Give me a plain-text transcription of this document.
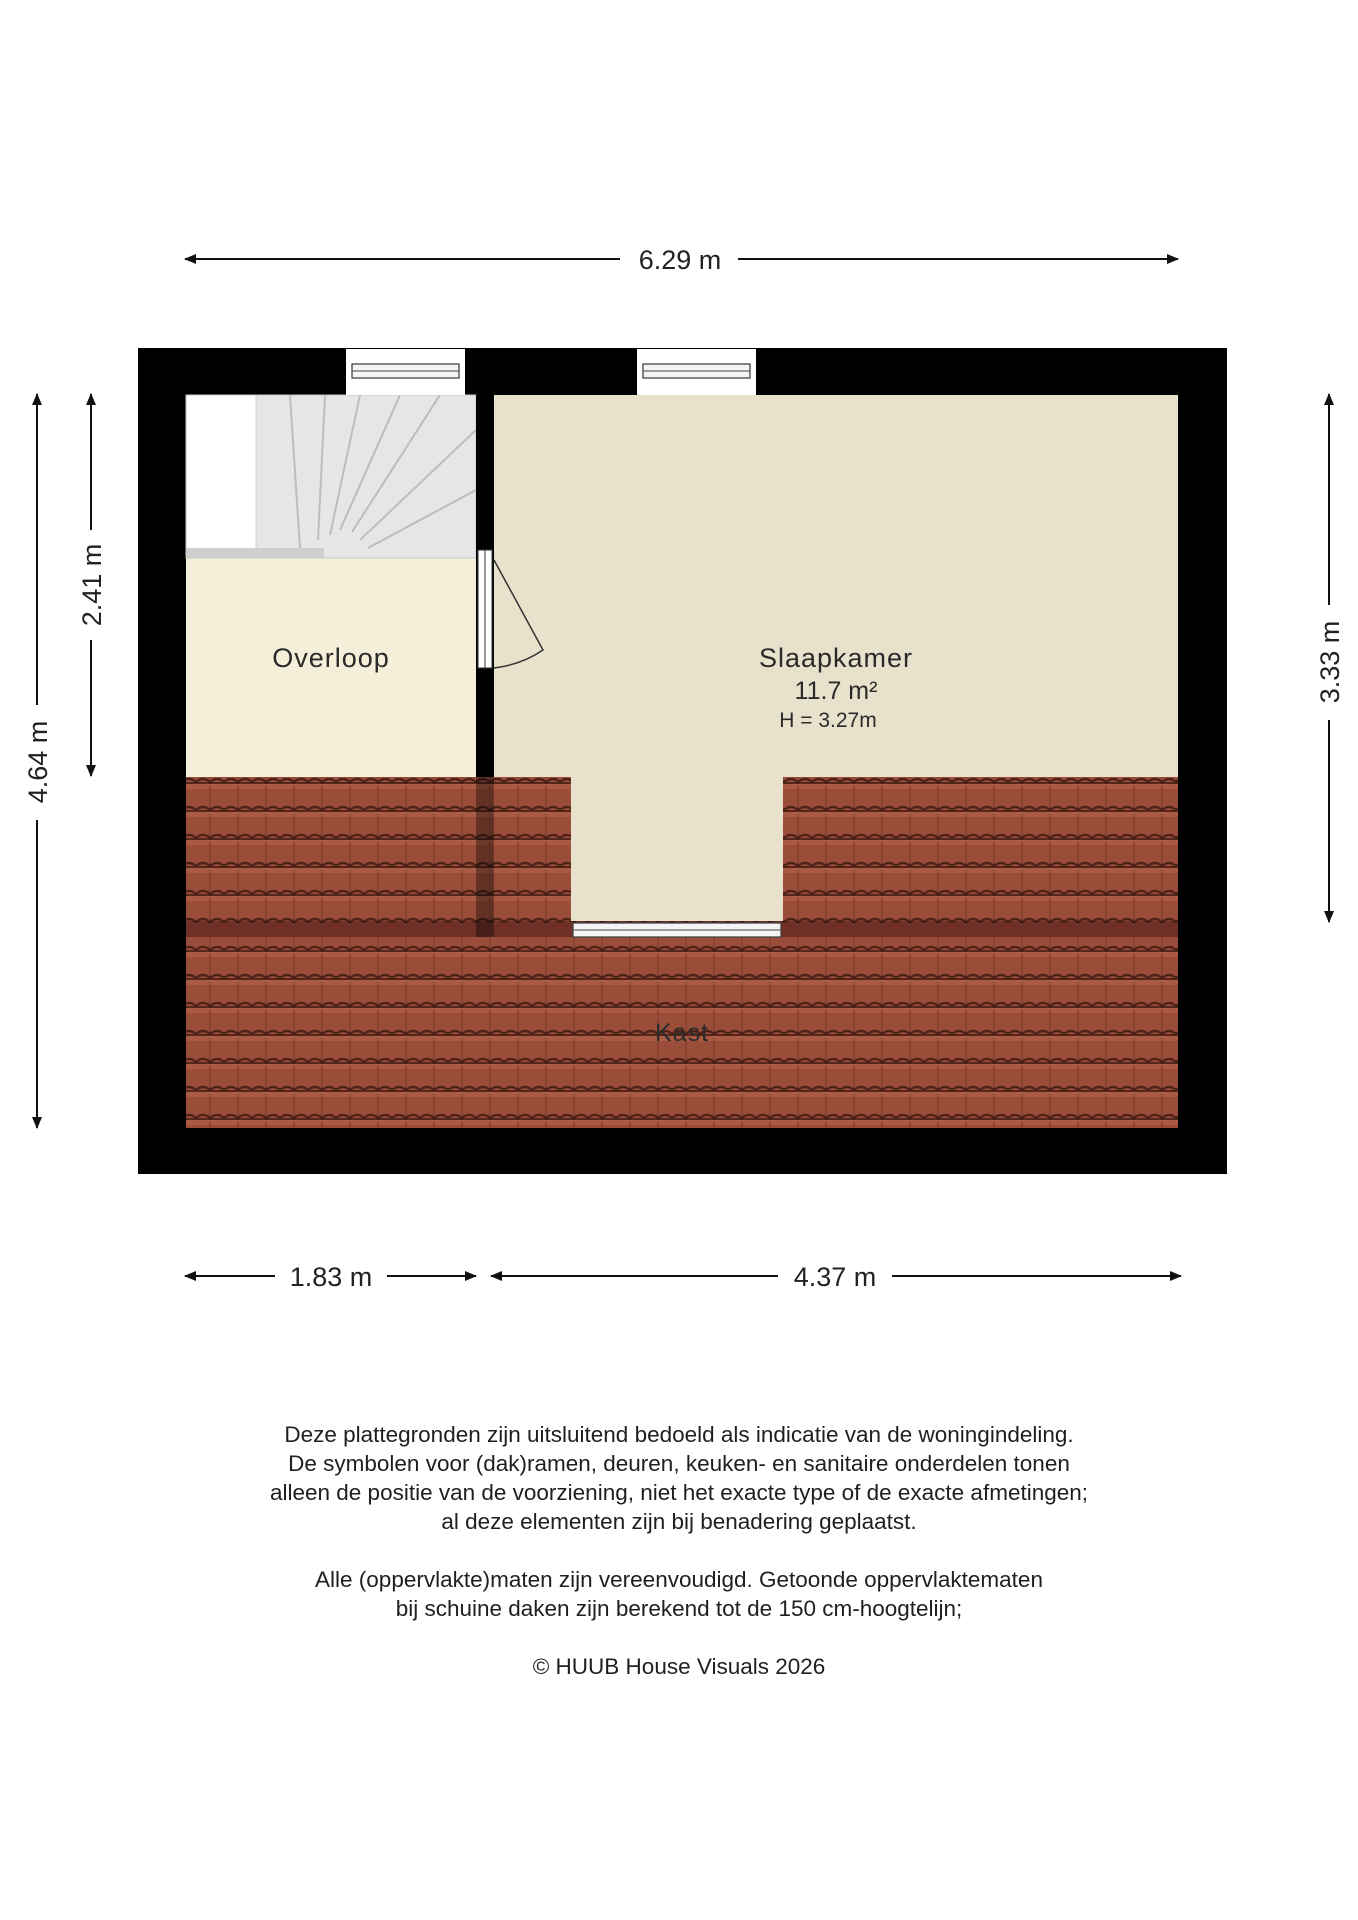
Overloop	Slaapkamer
11.7 m²
H = 3.27m
Kast
6.29 m
4.64 m
2.41 m
3.33 m
1.83 m	4.37 m

Deze plattegronden zijn uitsluitend bedoeld als indicatie van de woningindeling.

De symbolen voor (dak)ramen, deuren, keuken- en sanitaire onderdelen tonen

alleen de positie van de voorziening, niet het exacte type of de exacte afmetingen;

al deze elementen zijn bij benadering geplaatst.

Alle (oppervlakte)maten zijn vereenvoudigd. Getoonde oppervlaktematen

bij schuine daken zijn berekend tot de 150 cm-hoogtelijn;

© HUUB House Visuals 2026
